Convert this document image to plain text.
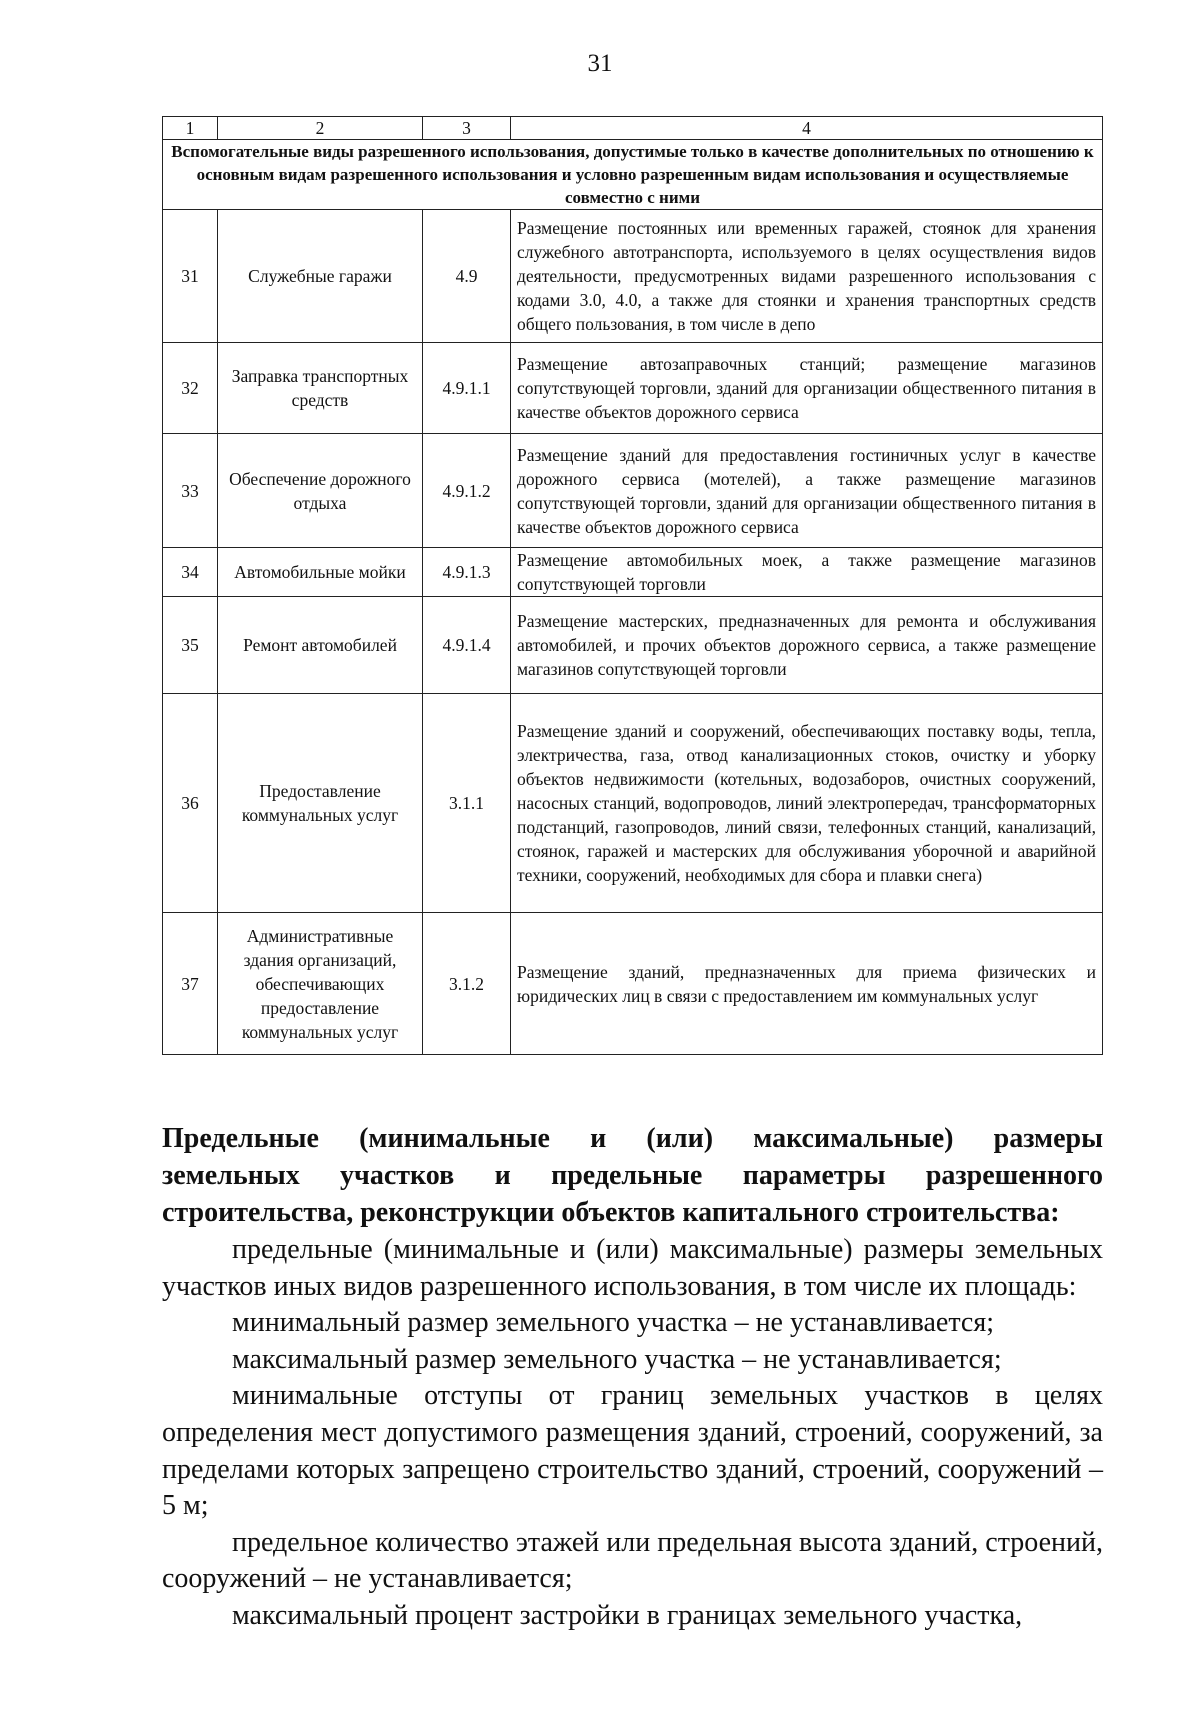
31
1	2	3	4
Вспомогательные виды разрешенного использования, допустимые только в качестве дополнительных по отношению к основным видам разрешенного использования и условно разрешенным видам использования и осуществляемые совместно с ними			
31	Служебные гаражи	4.9	Размещение постоянных или временных гаражей, стоянок для хранения служебного автотранспорта, используемого в целях осуществления видов деятельности, предусмотренных видами разрешенного использования с кодами 3.0, 4.0, а также для стоянки и хранения транспортных средств общего пользования, в том числе в депо
32	Заправка транспортных средств	4.9.1.1	Размещение автозаправочных станций; размещение магазинов сопутствующей торговли, зданий для организации общественного питания в качестве объектов дорожного сервиса
33	Обеспечение дорожного отдыха	4.9.1.2	Размещение зданий для предоставления гостиничных услуг в качестве дорожного сервиса (мотелей), а также размещение магазинов сопутствующей торговли, зданий для организации общественного питания в качестве объектов дорожного сервиса
34	Автомобильные мойки	4.9.1.3	Размещение автомобильных моек, а также размещение магазинов сопутствующей торговли
35	Ремонт автомобилей	4.9.1.4	Размещение мастерских, предназначенных для ремонта и обслуживания автомобилей, и прочих объектов дорожного сервиса, а также размещение магазинов сопутствующей торговли
36	Предоставление коммунальных услуг	3.1.1	Размещение зданий и сооружений, обеспечивающих поставку воды, тепла, электричества, газа, отвод канализационных стоков, очистку и уборку объектов недвижимости (котельных, водозаборов, очистных сооружений, насосных станций, водопроводов, линий электропередач, трансформаторных подстанций, газопроводов, линий связи, телефонных станций, канализаций, стоянок, гаражей и мастерских для обслуживания уборочной и аварийной техники, сооружений, необходимых для сбора и плавки снега)
37	Административные здания организаций, обеспечивающих предоставление коммунальных услуг	3.1.2	Размещение зданий, предназначенных для приема физических и юридических лиц в связи с предоставлением им коммунальных услуг
Предельные (минимальные и (или) максимальные) размеры
земельных участков и предельные параметры разрешенного
строительства, реконструкции объектов капитального строительства:

предельные (минимальные и (или) максимальные) размеры земельных участков иных видов разрешенного использования, в том числе их площадь:

минимальный размер земельного участка – не устанавливается;

максимальный размер земельного участка – не устанавливается;

минимальные отступы от границ земельных участков в целях определения мест допустимого размещения зданий, строений, сооружений, за пределами которых запрещено строительство зданий, строений, сооружений – 5 м;

предельное количество этажей или предельная высота зданий, строений, сооружений – не устанавливается;

максимальный процент застройки в границах земельного участка,
